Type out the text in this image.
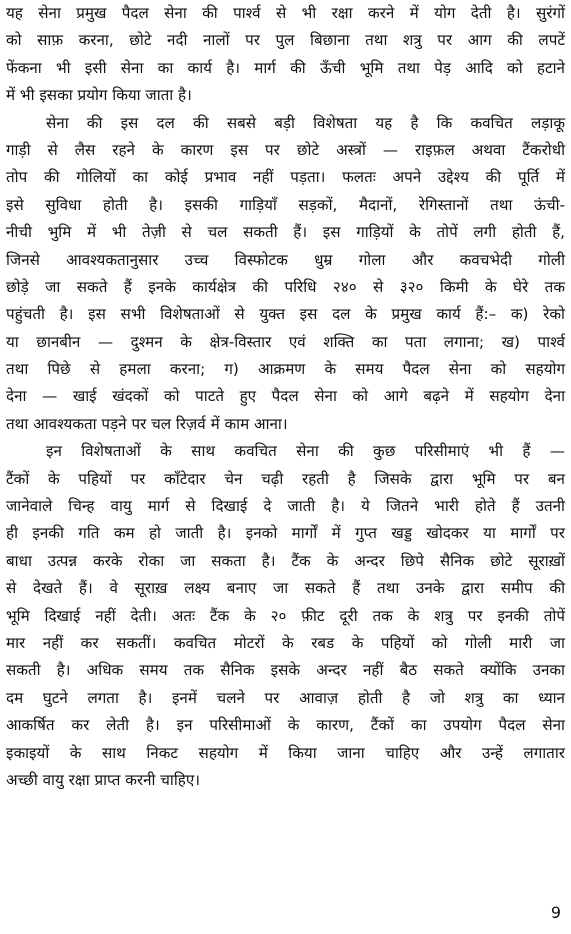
यह सेना प्रमुख पैदल सेना की पार्श्व से भी रक्षा करने में योग देती है। सुरंगों
को साफ़ करना, छोटे नदी नालों पर पुल बिछाना तथा शत्रु पर आग की लपटें
फेंकना भी इसी सेना का कार्य है। मार्ग की ऊँची भूमि तथा पेड़ आदि को हटाने
में भी इसका प्रयोग किया जाता है।
सेना की इस दल की सबसे बड़ी विशेषता यह है कि कवचित लड़ाकू
गाड़ी से लैस रहने के कारण इस पर छोटे अस्त्रों — राइफ़ल अथवा टैंकरोधी
तोप की गोलियों का कोई प्रभाव नहीं पड़ता। फलतः अपने उद्देश्य की पूर्ति में
इसे सुविधा होती है। इसकी गाड़ियाँ सड़कों, मैदानों, रेगिस्तानों तथा ऊंची-
नीची भुमि में भी तेज़ी से चल सकती हैं। इस गाड़ियों के तोपें लगी होती हैं,
जिनसे आवश्यकतानुसार उच्च विस्फोटक धुम्र गोला और कवचभेदी गोली
छोड़े जा सकते हैं इनके कार्यक्षेत्र की परिधि २४० से ३२० किमी के घेरे तक
पहुंचती है। इस सभी विशेषताओं से युक्त इस दल के प्रमुख कार्य हैं:– क) रेको
या छानबीन — दुश्मन के क्षेत्र-विस्तार एवं शक्ति का पता लगाना; ख) पार्श्व
तथा पिछे से हमला करना; ग) आक्रमण के समय पैदल सेना को सहयोग
देना — खाई खंदकों को पाटते हुए पैदल सेना को आगे बढ़ने में सहयोग देना
तथा आवश्यकता पड़ने पर चल रिज़र्व में काम आना।
इन विशेषताओं के साथ कवचित सेना की कुछ परिसीमाएं भी हैं —
टैंकों के पहियों पर काँटेदार चेन चढ़ी रहती है जिसके द्वारा भूमि पर बन
जानेवाले चिन्ह वायु मार्ग से दिखाई दे जाती है। ये जितने भारी होते हैं उतनी
ही इनकी गति कम हो जाती है। इनको मार्गों में गुप्त खड्ड खोदकर या मार्गों पर
बाधा उत्पन्न करके रोका जा सकता है। टैंक के अन्दर छिपे सैनिक छोटे सूराख़ों
से देखते हैं। वे सूराख़ लक्ष्य बनाए जा सकते हैं तथा उनके द्वारा समीप की
भूमि दिखाई नहीं देती। अतः टैंक के २० फ़ीट दूरी तक के शत्रु पर इनकी तोपें
मार नहीं कर सकतीं। कवचित मोटरों के रबड के पहियों को गोली मारी जा
सकती है। अधिक समय तक सैनिक इसके अन्दर नहीं बैठ सकते क्योंकि उनका
दम घुटने लगता है। इनमें चलने पर आवाज़ होती है जो शत्रु का ध्यान
आकर्षित कर लेती है। इन परिसीमाओं के कारण, टैंकों का उपयोग पैदल सेना
इकाइयों के साथ निकट सहयोग में किया जाना चाहिए और उन्हें लगातार
अच्छी वायु रक्षा प्राप्त करनी चाहिए।
9
